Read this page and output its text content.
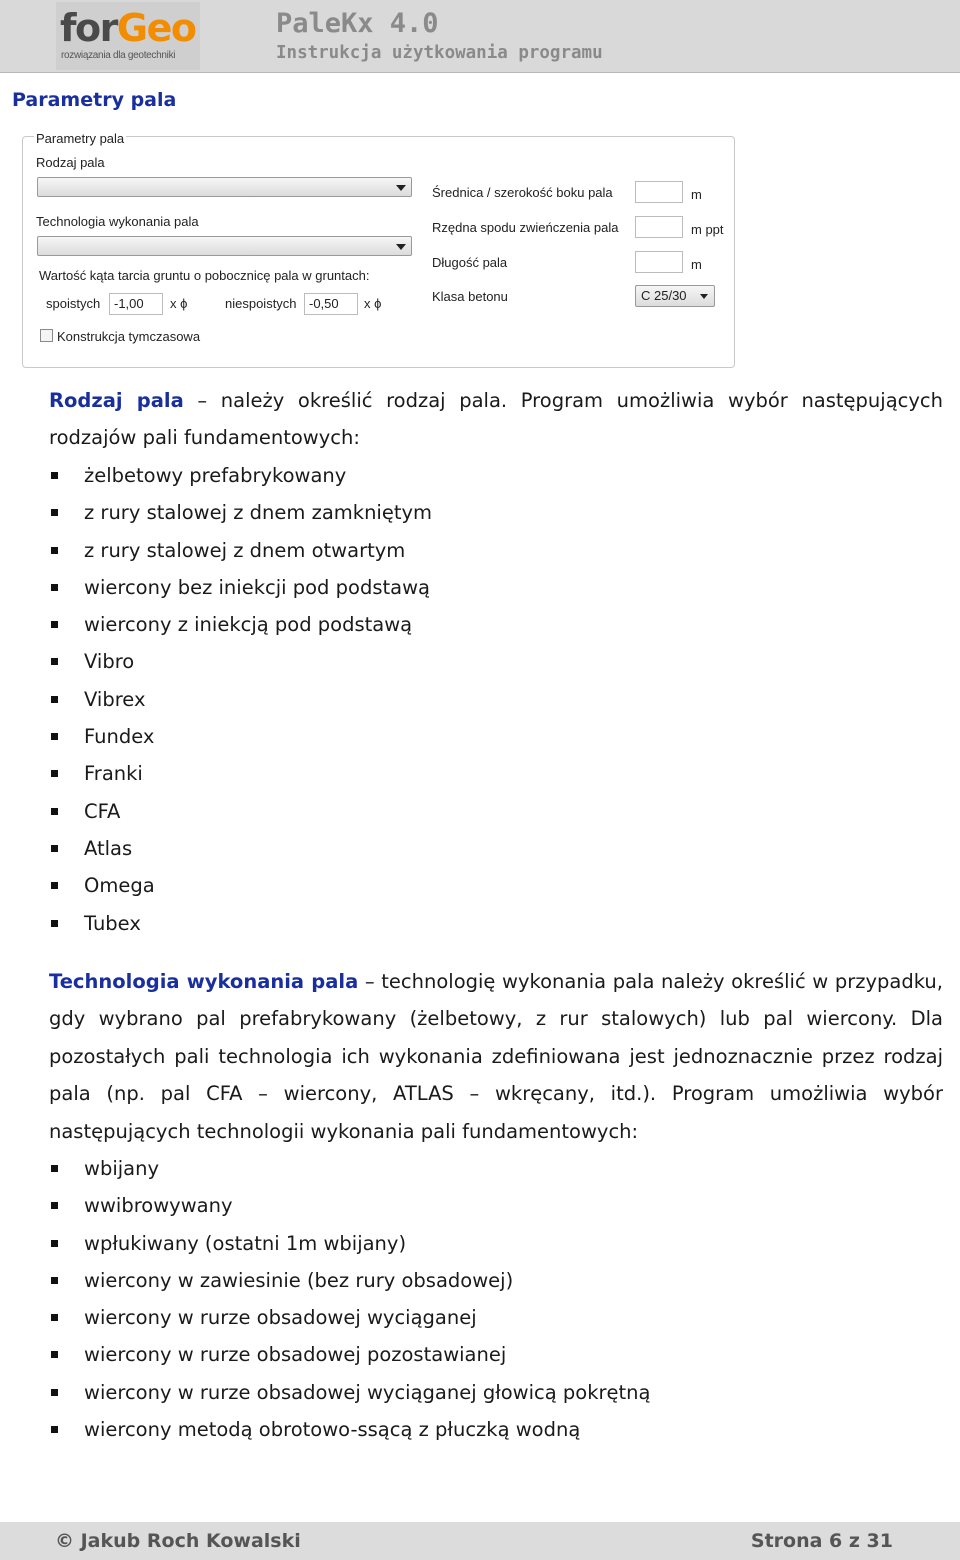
forGeo
rozwiązania dla geotechniki
PaleKx 4.0
Instrukcja użytkowania programu
Parametry pala
Parametry pala
Rodzaj pala
Technologia wykonania pala
Wartość kąta tarcia gruntu o pobocznicę pala w gruntach:
spoistych	-1,00	x ϕ	niespoistych -0,50	x ϕ
Konstrukcja tymczasowa
Średnica / szerokość boku pala	m
Rzędna spodu zwieńczenia pala	m ppt
Długość pala	m
Klasa betonu	C 25/30
Rodzaj pala – należy określić rodzaj pala. Program umożliwia wybór następujących rodzajów pali fundamentowych:
żelbetowy prefabrykowany
z rury stalowej z dnem zamkniętym
z rury stalowej z dnem otwartym
wiercony bez iniekcji pod podstawą
wiercony z iniekcją pod podstawą
Vibro
Vibrex
Fundex
Franki
CFA
Atlas
Omega
Tubex
Technologia wykonania pala – technologię wykonania pala należy określić w przypadku, gdy wybrano pal prefabrykowany (żelbetowy, z rur stalowych) lub pal wiercony. Dla pozostałych pali technologia ich wykonania zdefiniowana jest jednoznacznie przez rodzaj pala (np. pal CFA – wiercony, ATLAS – wkręcany, itd.). Program umożliwia wybór następujących technologii wykonania pali fundamentowych:
wbijany
wwibrowywany
wpłukiwany (ostatni 1m wbijany)
wiercony w zawiesinie (bez rury obsadowej)
wiercony w rurze obsadowej wyciąganej
wiercony w rurze obsadowej pozostawianej
wiercony w rurze obsadowej wyciąganej głowicą pokrętną
wiercony metodą obrotowo-ssącą z płuczką wodną
© Jakub Roch Kowalski	Strona 6 z 31
